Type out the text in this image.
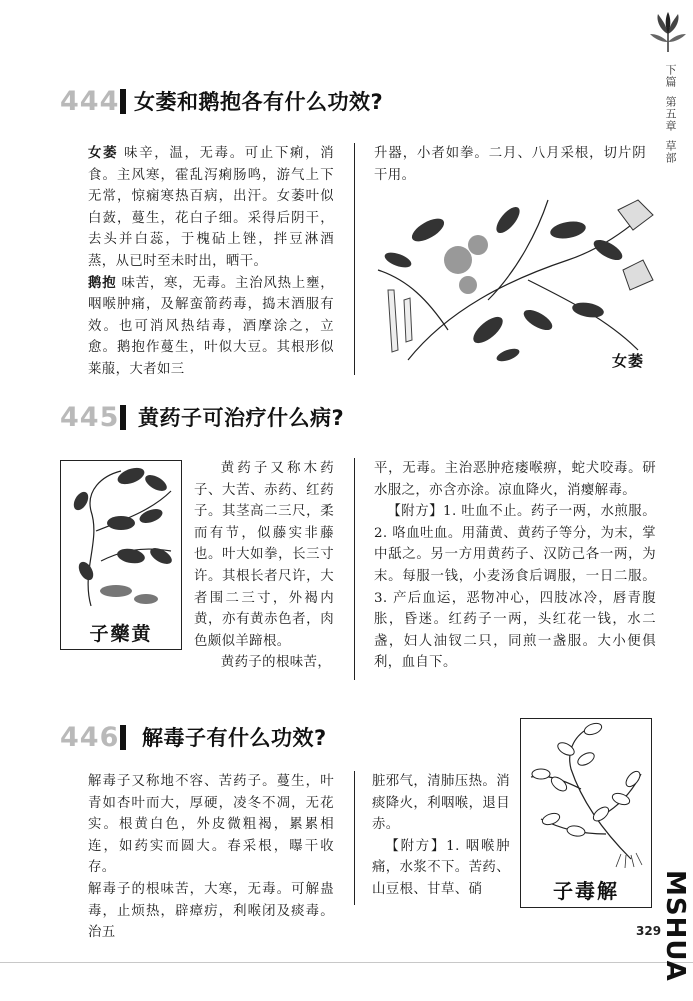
下篇
第五章
草部
444 女萎和鹅抱各有什么功效?

女萎 味辛，温，无毒。可止下痢，消食。主风寒，霍乱泻痢肠鸣，游气上下无常，惊痫寒热百病，出汗。女萎叶似白蔹，蔓生，花白子细。采得后阴干，去头并白蕊，于槐砧上锉，拌豆淋酒蒸，从已时至未时出，晒干。

鹅抱 味苦，寒，无毒。主治风热上壅，咽喉肿痛，及解蛮箭药毒，捣末酒服有效。也可消风热结毒，酒摩涂之，立愈。鹅抱作蔓生，叶似大豆。其根形似莱菔，大者如三

升器，小者如拳。二月、八月采根，切片阴干用。
女萎
445 黄药子可治疗什么病?
子藥黄

黄药子又称木药子、大苦、赤药、红药子。其茎高二三尺，柔而有节，似藤实非藤也。叶大如拳，长三寸许。其根长者尺许，大者围二三寸，外褐内黄，亦有黄赤色者，肉色颇似羊蹄根。

黄药子的根味苦，

平，无毒。主治恶肿疮瘘喉痹，蛇犬咬毒。研水服之，亦含亦涂。凉血降火，消瘿解毒。

【附方】1. 吐血不止。药子一两，水煎服。2. 咯血吐血。用蒲黄、黄药子等分，为末，掌中舐之。另一方用黄药子、汉防己各一两，为末。每服一钱，小麦汤食后调服，一日二服。3. 产后血运，恶物冲心，四肢冰冷，唇青腹胀，昏迷。红药子一两，头红花一钱，水二盏，妇人油钗二只，同煎一盏服。大小便俱利，血自下。

446 解毒子有什么功效?

解毒子又称地不容、苦药子。蔓生，叶青如杏叶而大，厚硬，凌冬不凋，无花实。根黄白色，外皮微粗褐，累累相连，如药实而圆大。春采根，曝干收存。

解毒子的根味苦，大寒，无毒。可解蛊毒，止烦热，辟瘴疠，利喉闭及痰毒。治五

脏邪气，清肺压热。消痰降火，利咽喉，退目赤。

【附方】1. 咽喉肿痛，水浆不下。苦药、山豆根、甘草、硝	子毒解
329
MSHUA
